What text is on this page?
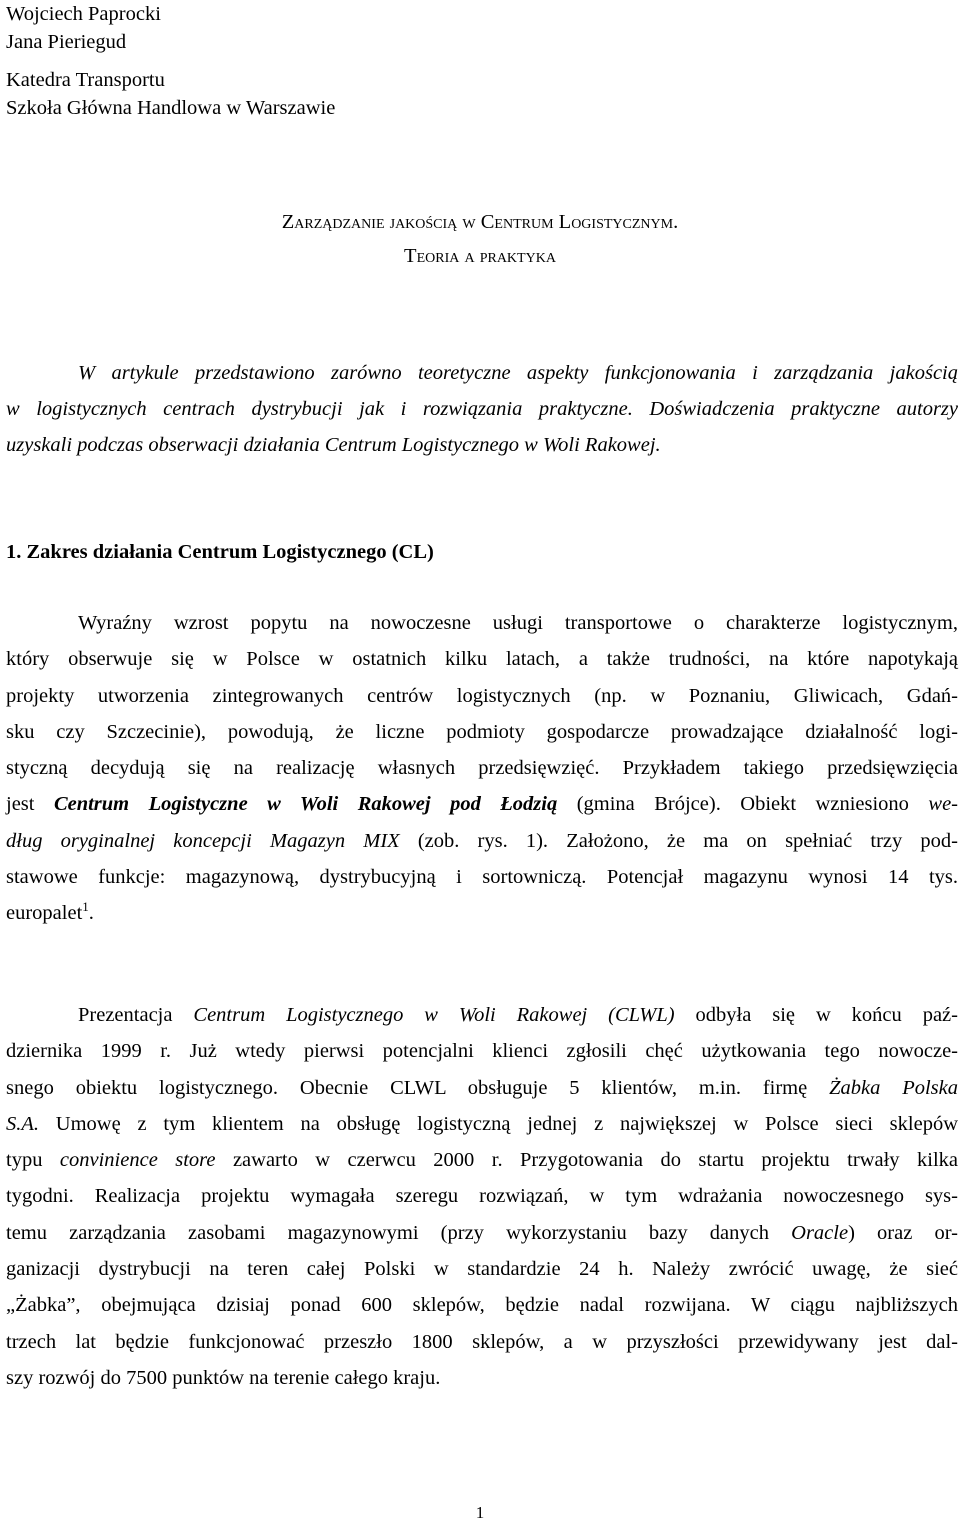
Wojciech Paprocki
Jana Pieriegud
Katedra Transportu
Szkoła Główna Handlowa w Warszawie
Zarządzanie jakością w Centrum Logistycznym.
Teoria a praktyka
W artykule przedstawiono zarówno teoretyczne aspekty funkcjonowania i zarządzania jakością
w logistycznych centrach dystrybucji jak i rozwiązania praktyczne. Doświadczenia praktyczne autorzy
uzyskali podczas obserwacji działania Centrum Logistycznego w Woli Rakowej.
1. Zakres działania Centrum Logistycznego (CL)
Wyraźny wzrost popytu na nowoczesne usługi transportowe o charakterze logistycznym,
który obserwuje się w Polsce w ostatnich kilku latach, a także trudności, na które napotykają
projekty utworzenia zintegrowanych centrów logistycznych (np. w Poznaniu, Gliwicach, Gdań-
sku czy Szczecinie), powodują, że liczne podmioty gospodarcze prowadzające działalność logi-
styczną decydują się na realizację własnych przedsięwzięć. Przykładem takiego przedsięwzięcia
jest Centrum Logistyczne w Woli Rakowej pod Łodzią (gmina Brójce). Obiekt wzniesiono we-
dług oryginalnej koncepcji Magazyn MIX (zob. rys. 1). Założono, że ma on spełniać trzy pod-
stawowe funkcje: magazynową, dystrybucyjną i sortowniczą. Potencjał magazynu wynosi 14 tys.
europalet$^1$.
Prezentacja Centrum Logistycznego w Woli Rakowej (CLWL) odbyła się w końcu paź-
dziernika 1999 r. Już wtedy pierwsi potencjalni klienci zgłosili chęć użytkowania tego nowocze-
snego obiektu logistycznego. Obecnie CLWL obsługuje 5 klientów, m.in. firmę Żabka Polska
S.A. Umowę z tym klientem na obsługę logistyczną jednej z największej w Polsce sieci sklepów
typu convinience store zawarto w czerwcu 2000 r. Przygotowania do startu projektu trwały kilka
tygodni. Realizacja projektu wymagała szeregu rozwiązań, w tym wdrażania nowoczesnego sys-
temu zarządzania zasobami magazynowymi (przy wykorzystaniu bazy danych Oracle) oraz or-
ganizacji dystrybucji na teren całej Polski w standardzie 24 h. Należy zwrócić uwagę, że sieć
„Żabka”, obejmująca dzisiaj ponad 600 sklepów, będzie nadal rozwijana. W ciągu najbliższych
trzech lat będzie funkcjonować przeszło 1800 sklepów, a w przyszłości przewidywany jest dal-
szy rozwój do 7500 punktów na terenie całego kraju.
1
